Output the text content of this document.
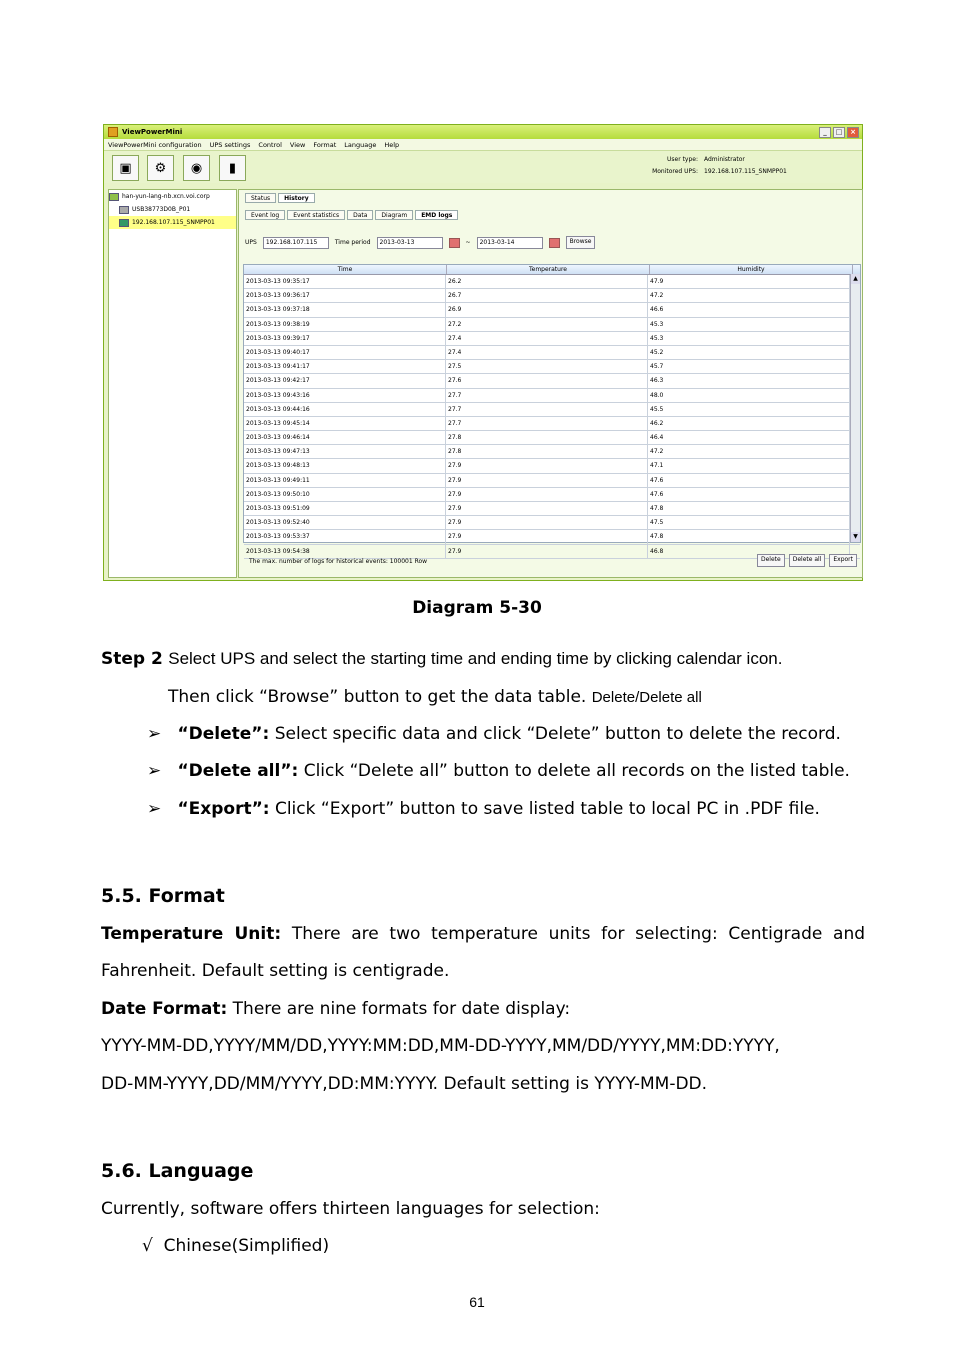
ViewPowerMini	_	□	×
ViewPowerMini configuration UPS settings Control View Format Language Help
▣	⚙	◉	▮
User type: Administrator
Monitored UPS: 192.168.107.115_SNMPP01
han-yun-lang-nb.xcn.voi.corp
USB38773D0B_P01
192.168.107.115_SNMPP01
Status	History
Event log	Event statistics	Data	Diagram	EMD logs
UPS	192.168.107.115	Time period	2013-03-13	~	2013-03-14	Browse
Time	Temperature	Humidity
2013-03-13 09:35:17	26.2	47.9
2013-03-13 09:36:17	26.7	47.2
2013-03-13 09:37:18	26.9	46.6
2013-03-13 09:38:19	27.2	45.3
2013-03-13 09:39:17	27.4	45.3
2013-03-13 09:40:17	27.4	45.2
2013-03-13 09:41:17	27.5	45.7
2013-03-13 09:42:17	27.6	46.3
2013-03-13 09:43:16	27.7	48.0
2013-03-13 09:44:16	27.7	45.5
2013-03-13 09:45:14	27.7	46.2
2013-03-13 09:46:14	27.8	46.4
2013-03-13 09:47:13	27.8	47.2
2013-03-13 09:48:13	27.9	47.1
2013-03-13 09:49:11	27.9	47.6
2013-03-13 09:50:10	27.9	47.6
2013-03-13 09:51:09	27.9	47.8
2013-03-13 09:52:40	27.9	47.5
2013-03-13 09:53:37	27.9	47.8
2013-03-13 09:54:38	27.9	46.8
▲
▼
The max. number of logs for historical events: 100001 Row	Delete	Delete all	Export
Diagram 5-30
Step 2 Select UPS and select the starting time and ending time by clicking calendar icon.
Then click “Browse” button to get the data table. Delete/Delete all
➢ “Delete”: Select specific data and click “Delete” button to delete the record.
➢ “Delete all”: Click “Delete all” button to delete all records on the listed table.
➢ “Export”: Click “Export” button to save listed table to local PC in .PDF file.
5.5. Format
Temperature Unit: There are two temperature units for selecting: Centigrade and
Fahrenheit. Default setting is centigrade.
Date Format: There are nine formats for date display:
YYYY-MM-DD,YYYY/MM/DD,YYYY:MM:DD,MM-DD-YYYY,MM/DD/YYYY,MM:DD:YYYY,
DD-MM-YYYY,DD/MM/YYYY,DD:MM:YYYY. Default setting is YYYY-MM-DD.
5.6. Language
Currently, software offers thirteen languages for selection:
√ Chinese(Simplified)
61
